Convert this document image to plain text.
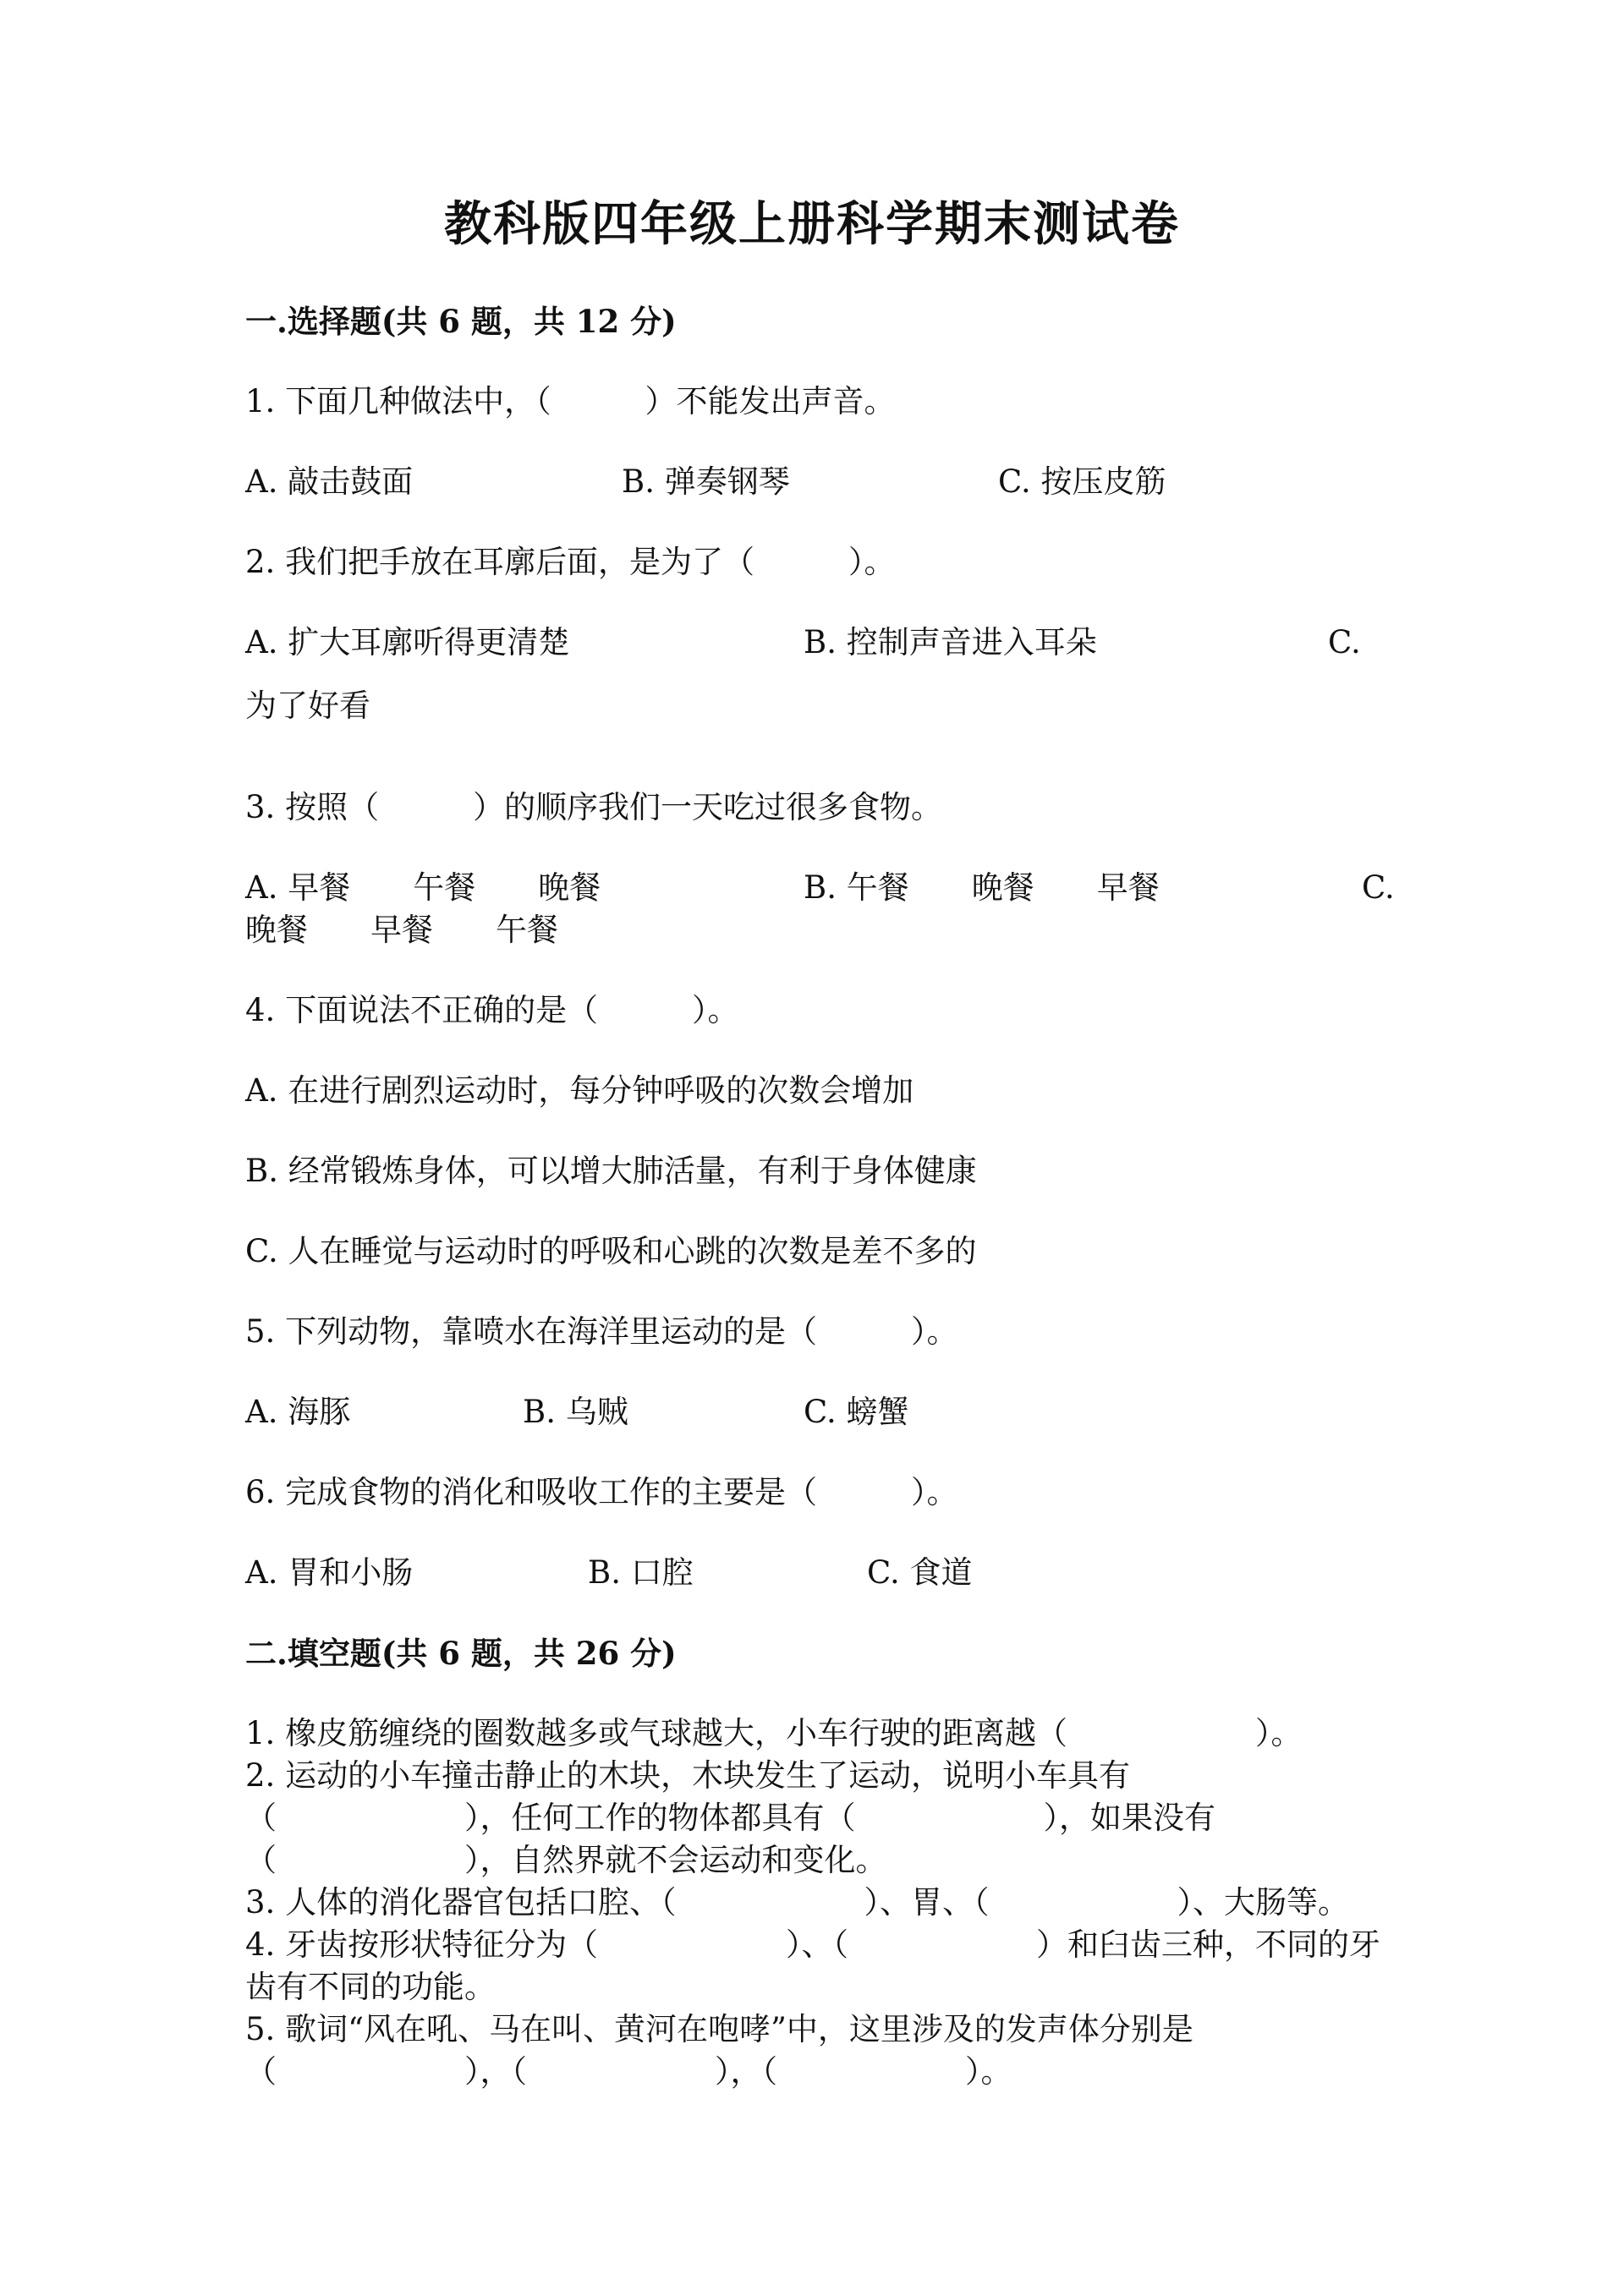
教科版四年级上册科学期末测试卷

一.选择题(共 6 题，共 12 分)

1. 下面几种做法中，（　　　）不能发出声音。

A. 敲击鼓面	B. 弹奏钢琴	C. 按压皮筋

2. 我们把手放在耳廓后面，是为了（　　　）。

A. 扩大耳廓听得更清楚	B. 控制声音进入耳朵	C.

为了好看

3. 按照（　　　）的顺序我们一天吃过很多食物。

A. 早餐　　午餐　　晚餐	B. 午餐　　晚餐　　早餐	C.

晚餐　　早餐　　午餐

4. 下面说法不正确的是（　　　）。

A. 在进行剧烈运动时，每分钟呼吸的次数会增加

B. 经常锻炼身体，可以增大肺活量，有利于身体健康

C. 人在睡觉与运动时的呼吸和心跳的次数是差不多的

5. 下列动物，靠喷水在海洋里运动的是（　　　）。

A. 海豚	B. 乌贼	C. 螃蟹

6. 完成食物的消化和吸收工作的主要是（　　　）。

A. 胃和小肠	B. 口腔	C. 食道

二.填空题(共 6 题，共 26 分)

1. 橡皮筋缠绕的圈数越多或气球越大，小车行驶的距离越（　　　　　　）。

2. 运动的小车撞击静止的木块，木块发生了运动，说明小车具有

（　　　　　　），任何工作的物体都具有（　　　　　　），如果没有

（　　　　　　），自然界就不会运动和变化。

3. 人体的消化器官包括口腔、（　　　　　　）、胃、（　　　　　　）、大肠等。

4. 牙齿按形状特征分为（　　　　　　）、（　　　　　　）和臼齿三种，不同的牙

齿有不同的功能。

5. 歌词“风在吼、马在叫、黄河在咆哮”中，这里涉及的发声体分别是

（　　　　　　），（　　　　　　），（　　　　　　）。
